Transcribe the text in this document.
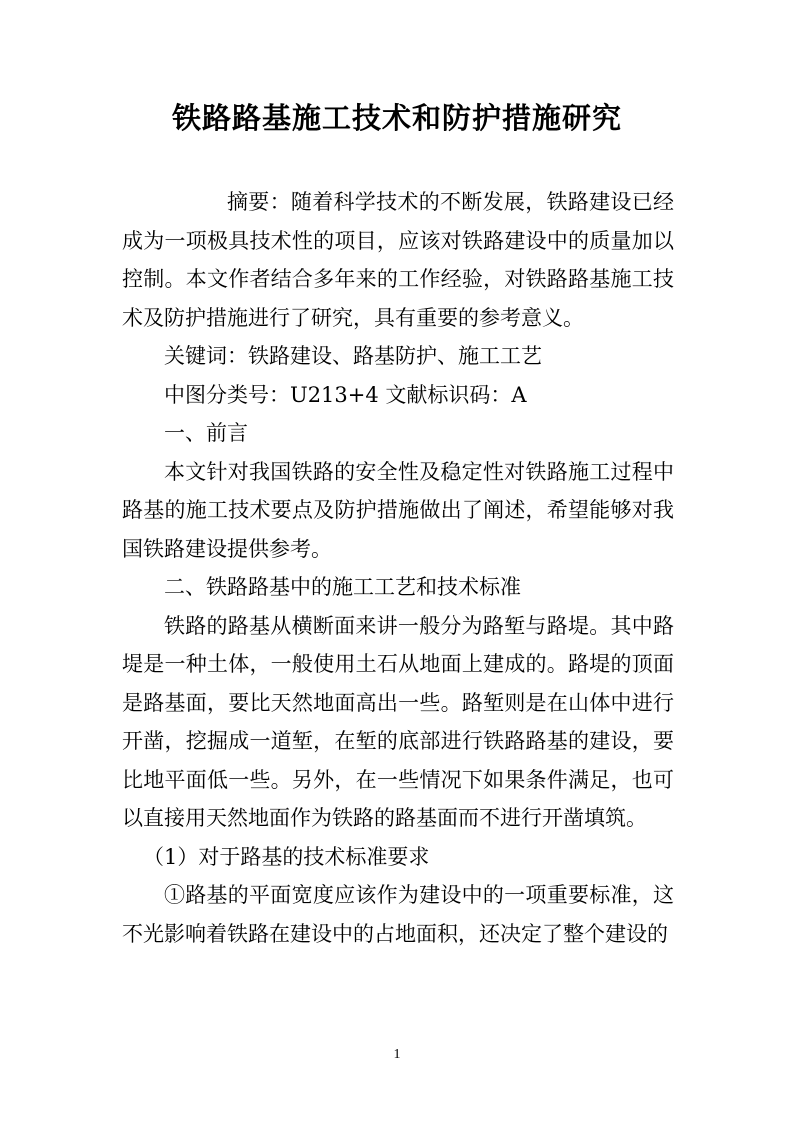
铁路路基施工技术和防护措施研究

摘要：随着科学技术的不断发展，铁路建设已经成为一项极具技术性的项目，应该对铁路建设中的质量加以控制。本文作者结合多年来的工作经验，对铁路路基施工技术及防护措施进行了研究，具有重要的参考意义。

关键词：铁路建设、路基防护、施工工艺

中图分类号：U213+4 文献标识码：A

一、前言

本文针对我国铁路的安全性及稳定性对铁路施工过程中路基的施工技术要点及防护措施做出了阐述，希望能够对我国铁路建设提供参考。

二、铁路路基中的施工工艺和技术标准

铁路的路基从横断面来讲一般分为路堑与路堤。其中路堤是一种土体，一般使用土石从地面上建成的。路堤的顶面是路基面，要比天然地面高出一些。路堑则是在山体中进行开凿，挖掘成一道堑，在堑的底部进行铁路路基的建设，要比地平面低一些。另外，在一些情况下如果条件满足，也可以直接用天然地面作为铁路的路基面而不进行开凿填筑。

（1）对于路基的技术标准要求

①路基的平面宽度应该作为建设中的一项重要标准，这不光影响着铁路在建设中的占地面积，还决定了整个建设的

1
